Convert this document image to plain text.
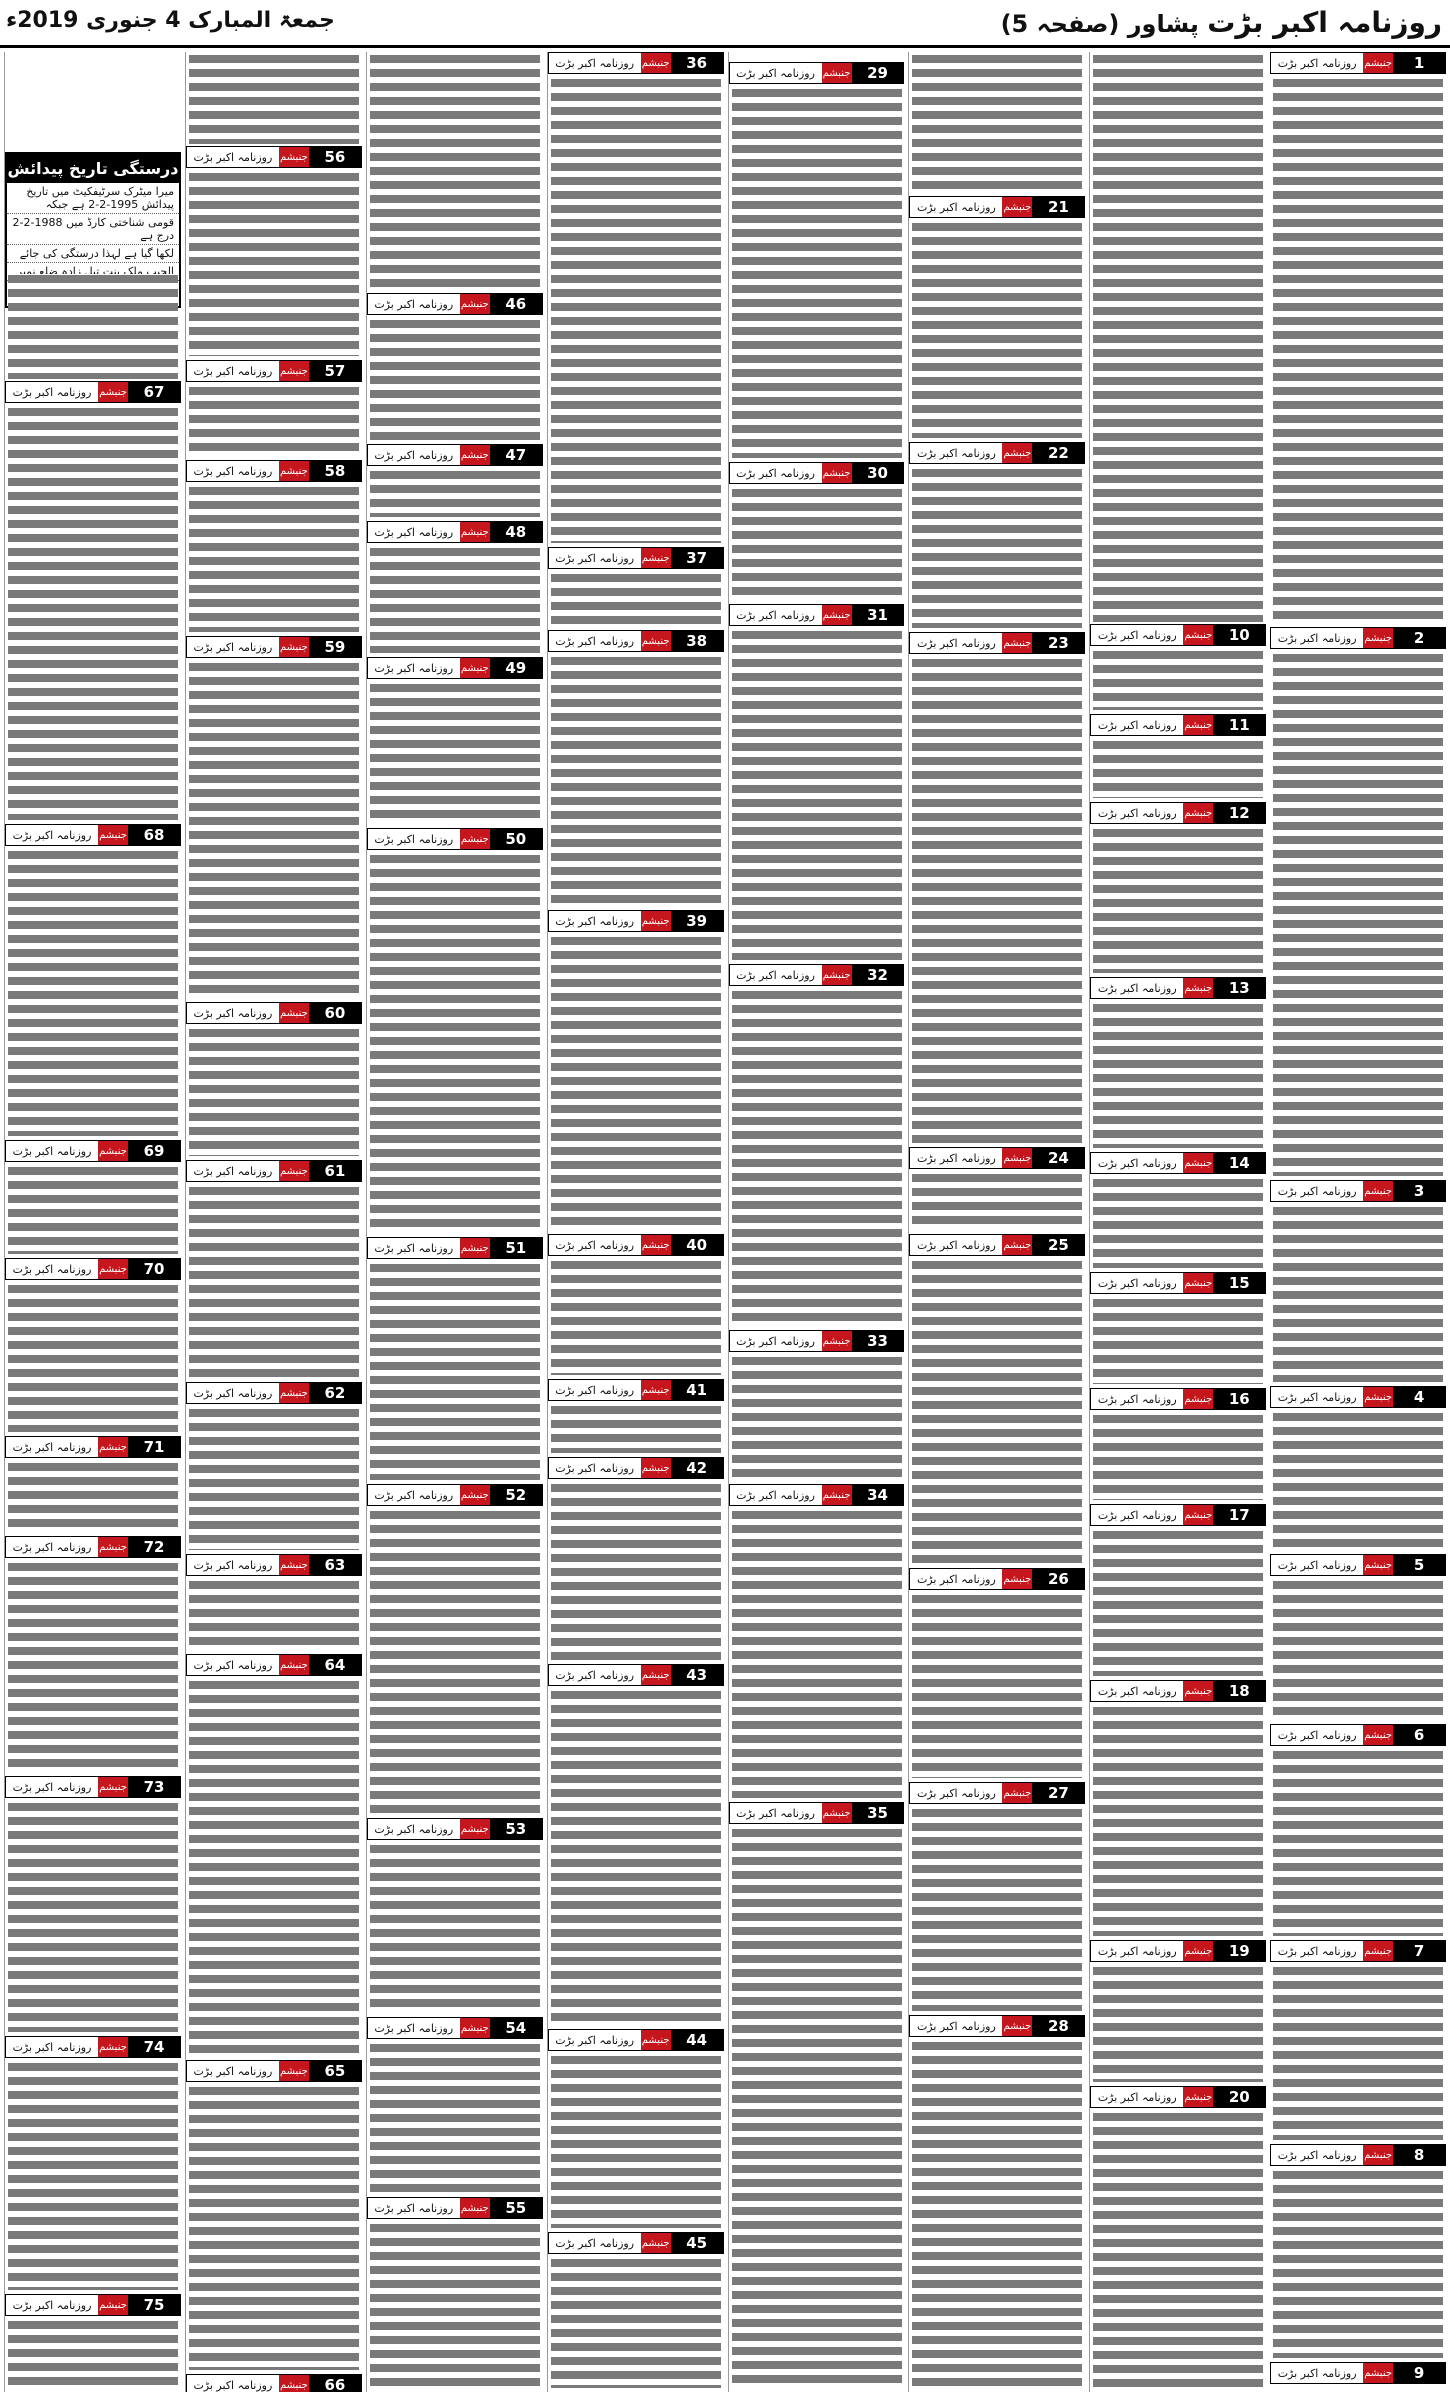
جمعۃ المبارک 4 جنوری 2019ء	روزنامہ اکبر بڑت پشاور (صفحہ 5)
1
جنبشم
روزنامہ اکبر بڑت
2
جنبشم
روزنامہ اکبر بڑت
3
جنبشم
روزنامہ اکبر بڑت
4
جنبشم
روزنامہ اکبر بڑت
5
جنبشم
روزنامہ اکبر بڑت
6
جنبشم
روزنامہ اکبر بڑت
7
جنبشم
روزنامہ اکبر بڑت
8
جنبشم
روزنامہ اکبر بڑت
9
جنبشم
روزنامہ اکبر بڑت
10
جنبشم
روزنامہ اکبر بڑت
11
جنبشم
روزنامہ اکبر بڑت
12
جنبشم
روزنامہ اکبر بڑت
13
جنبشم
روزنامہ اکبر بڑت
14
جنبشم
روزنامہ اکبر بڑت
15
جنبشم
روزنامہ اکبر بڑت
16
جنبشم
روزنامہ اکبر بڑت
17
جنبشم
روزنامہ اکبر بڑت
18
جنبشم
روزنامہ اکبر بڑت
19
جنبشم
روزنامہ اکبر بڑت
20
جنبشم
روزنامہ اکبر بڑت
21
جنبشم
روزنامہ اکبر بڑت
22
جنبشم
روزنامہ اکبر بڑت
23
جنبشم
روزنامہ اکبر بڑت
24
جنبشم
روزنامہ اکبر بڑت
25
جنبشم
روزنامہ اکبر بڑت
26
جنبشم
روزنامہ اکبر بڑت
27
جنبشم
روزنامہ اکبر بڑت
28
جنبشم
روزنامہ اکبر بڑت
29
جنبشم
روزنامہ اکبر بڑت
30
جنبشم
روزنامہ اکبر بڑت
31
جنبشم
روزنامہ اکبر بڑت
32
جنبشم
روزنامہ اکبر بڑت
33
جنبشم
روزنامہ اکبر بڑت
34
جنبشم
روزنامہ اکبر بڑت
35
جنبشم
روزنامہ اکبر بڑت
36
جنبشم
روزنامہ اکبر بڑت
37
جنبشم
روزنامہ اکبر بڑت
38
جنبشم
روزنامہ اکبر بڑت
39
جنبشم
روزنامہ اکبر بڑت
40
جنبشم
روزنامہ اکبر بڑت
41
جنبشم
روزنامہ اکبر بڑت
42
جنبشم
روزنامہ اکبر بڑت
43
جنبشم
روزنامہ اکبر بڑت
44
جنبشم
روزنامہ اکبر بڑت
45
جنبشم
روزنامہ اکبر بڑت
46
جنبشم
روزنامہ اکبر بڑت
47
جنبشم
روزنامہ اکبر بڑت
48
جنبشم
روزنامہ اکبر بڑت
49
جنبشم
روزنامہ اکبر بڑت
50
جنبشم
روزنامہ اکبر بڑت
51
جنبشم
روزنامہ اکبر بڑت
52
جنبشم
روزنامہ اکبر بڑت
53
جنبشم
روزنامہ اکبر بڑت
54
جنبشم
روزنامہ اکبر بڑت
55
جنبشم
روزنامہ اکبر بڑت
56
جنبشم
روزنامہ اکبر بڑت
57
جنبشم
روزنامہ اکبر بڑت
58
جنبشم
روزنامہ اکبر بڑت
59
جنبشم
روزنامہ اکبر بڑت
60
جنبشم
روزنامہ اکبر بڑت
61
جنبشم
روزنامہ اکبر بڑت
62
جنبشم
روزنامہ اکبر بڑت
63
جنبشم
روزنامہ اکبر بڑت
64
جنبشم
روزنامہ اکبر بڑت
65
جنبشم
روزنامہ اکبر بڑت
66
جنبشم
روزنامہ اکبر بڑت
درستگی تاریخ پیدائش
میرا میٹرک سرٹیفکیٹ میں تاریخ پیدائش 1995-2-2 ہے جبکہ
قومی شناختی کارڈ میں 1988-2-2 درج ہے
لکھا گیا ہے لہذا درستگی کی جائے
67
جنبشم
روزنامہ اکبر بڑت
68
جنبشم
روزنامہ اکبر بڑت
69
جنبشم
روزنامہ اکبر بڑت
70
جنبشم
روزنامہ اکبر بڑت
71
جنبشم
روزنامہ اکبر بڑت
72
جنبشم
روزنامہ اکبر بڑت
73
جنبشم
روزنامہ اکبر بڑت
74
جنبشم
روزنامہ اکبر بڑت
75
جنبشم
روزنامہ اکبر بڑت
